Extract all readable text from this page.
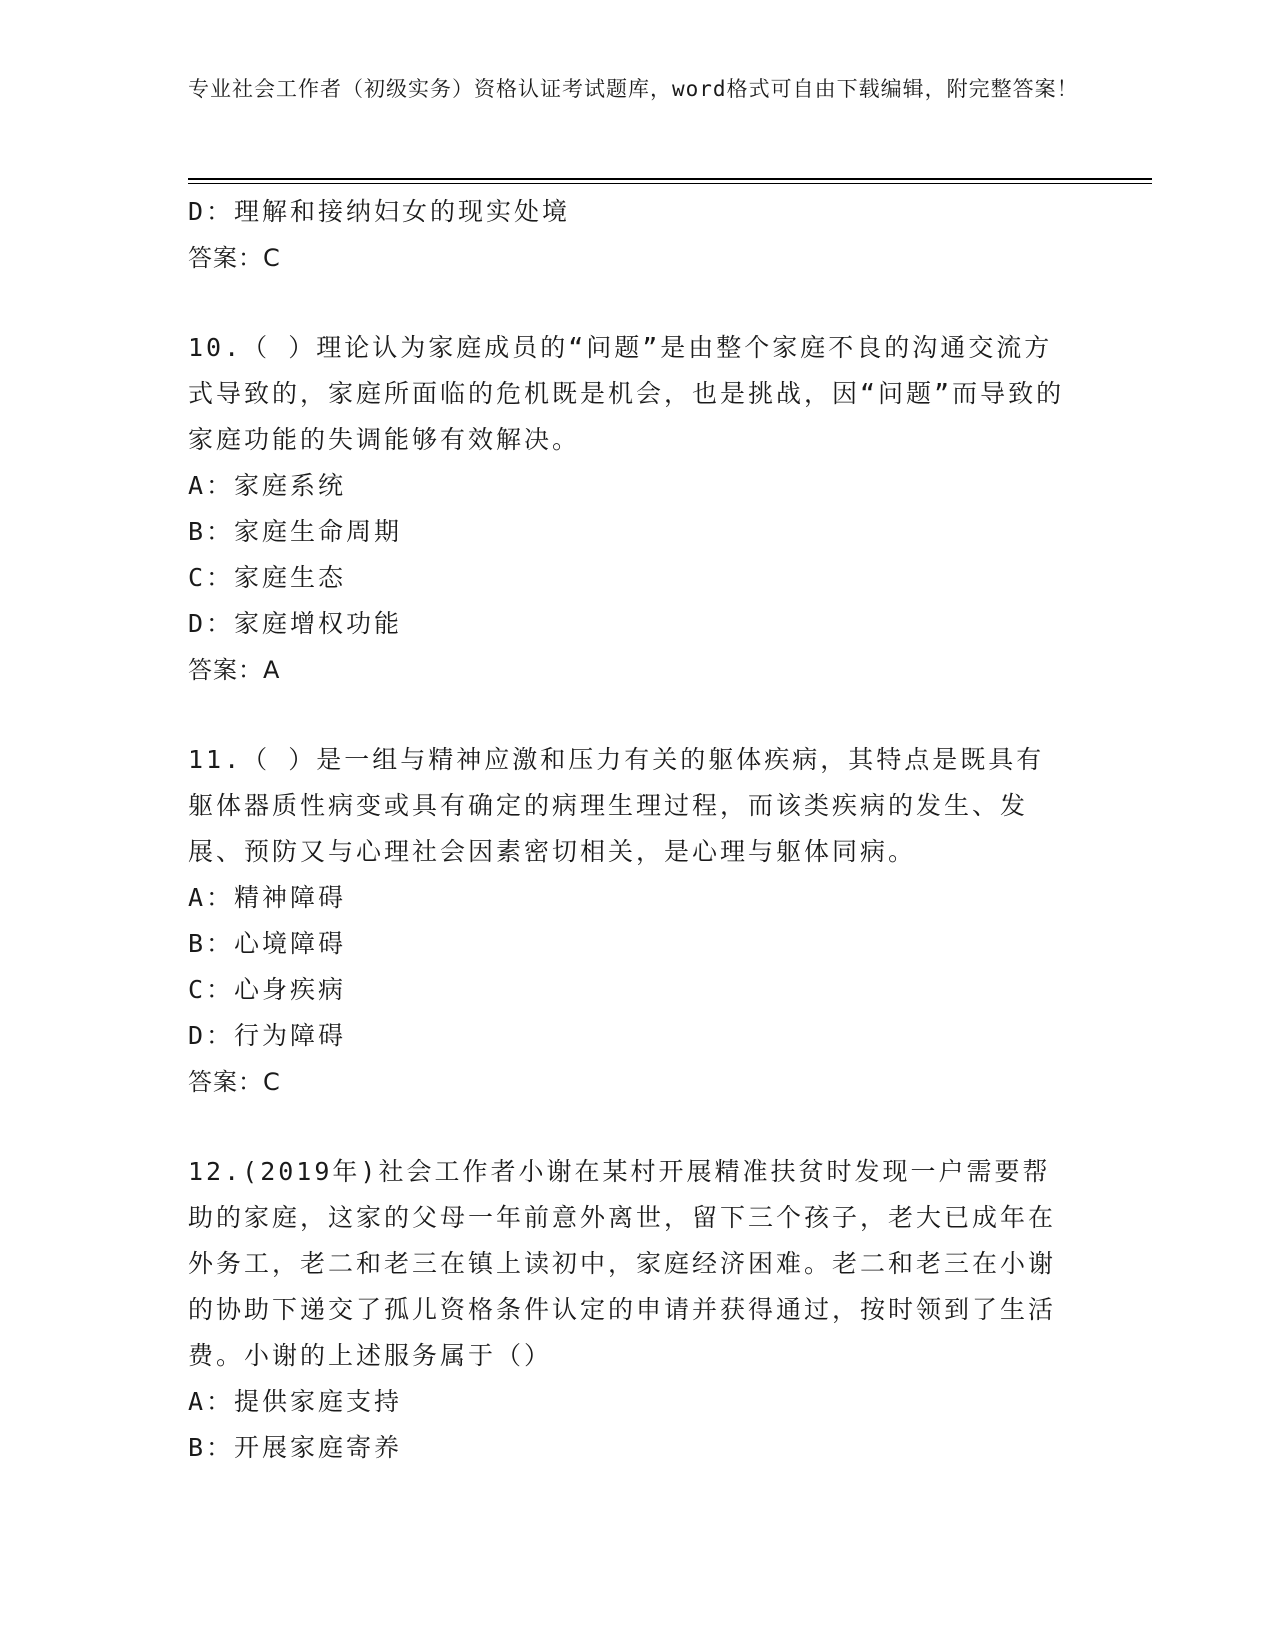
专业社会工作者（初级实务）资格认证考试题库，word格式可自由下载编辑，附完整答案！
D：理解和接纳妇女的现实处境
答案：C
10.（ ）理论认为家庭成员的“问题”是由整个家庭不良的沟通交流方式导致的，家庭所面临的危机既是机会，也是挑战，因“问题”而导致的家庭功能的失调能够有效解决。
A：家庭系统
B：家庭生命周期
C：家庭生态
D：家庭增权功能
答案：A
11.（ ）是一组与精神应激和压力有关的躯体疾病，其特点是既具有躯体器质性病变或具有确定的病理生理过程，而该类疾病的发生、发展、预防又与心理社会因素密切相关，是心理与躯体同病。
A：精神障碍
B：心境障碍
C：心身疾病
D：行为障碍
答案：C
12.(2019年)社会工作者小谢在某村开展精准扶贫时发现一户需要帮助的家庭，这家的父母一年前意外离世，留下三个孩子，老大已成年在外务工，老二和老三在镇上读初中，家庭经济困难。老二和老三在小谢的协助下递交了孤儿资格条件认定的申请并获得通过，按时领到了生活费。小谢的上述服务属于（）
A：提供家庭支持
B：开展家庭寄养
